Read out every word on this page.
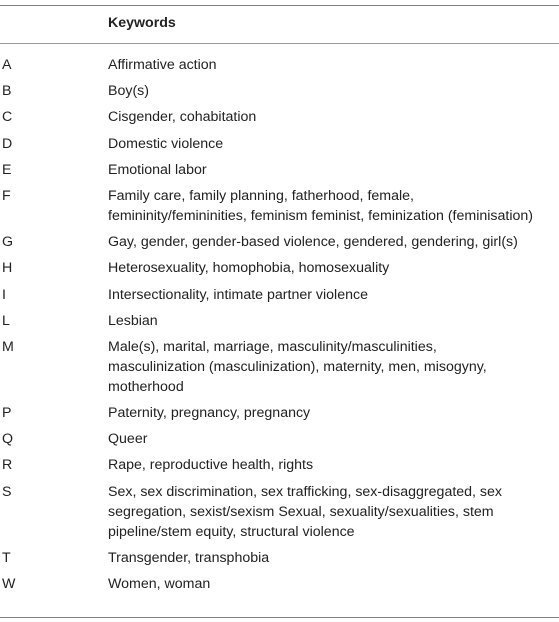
Keywords
A	Affirmative action
B	Boy(s)
C	Cisgender, cohabitation
D	Domestic violence
E	Emotional labor
F	Family care, family planning, fatherhood, female,
femininity/femininities, feminism feminist, feminization (feminisation)
G	Gay, gender, gender-based violence, gendered, gendering, girl(s)
H	Heterosexuality, homophobia, homosexuality
I	Intersectionality, intimate partner violence
L	Lesbian
M	Male(s), marital, marriage, masculinity/masculinities,
masculinization (masculinization), maternity, men, misogyny,
motherhood
P	Paternity, pregnancy, pregnancy
Q	Queer
R	Rape, reproductive health, rights
S	Sex, sex discrimination, sex trafficking, sex-disaggregated, sex
segregation, sexist/sexism Sexual, sexuality/sexualities, stem
pipeline/stem equity, structural violence
T	Transgender, transphobia
W	Women, woman
